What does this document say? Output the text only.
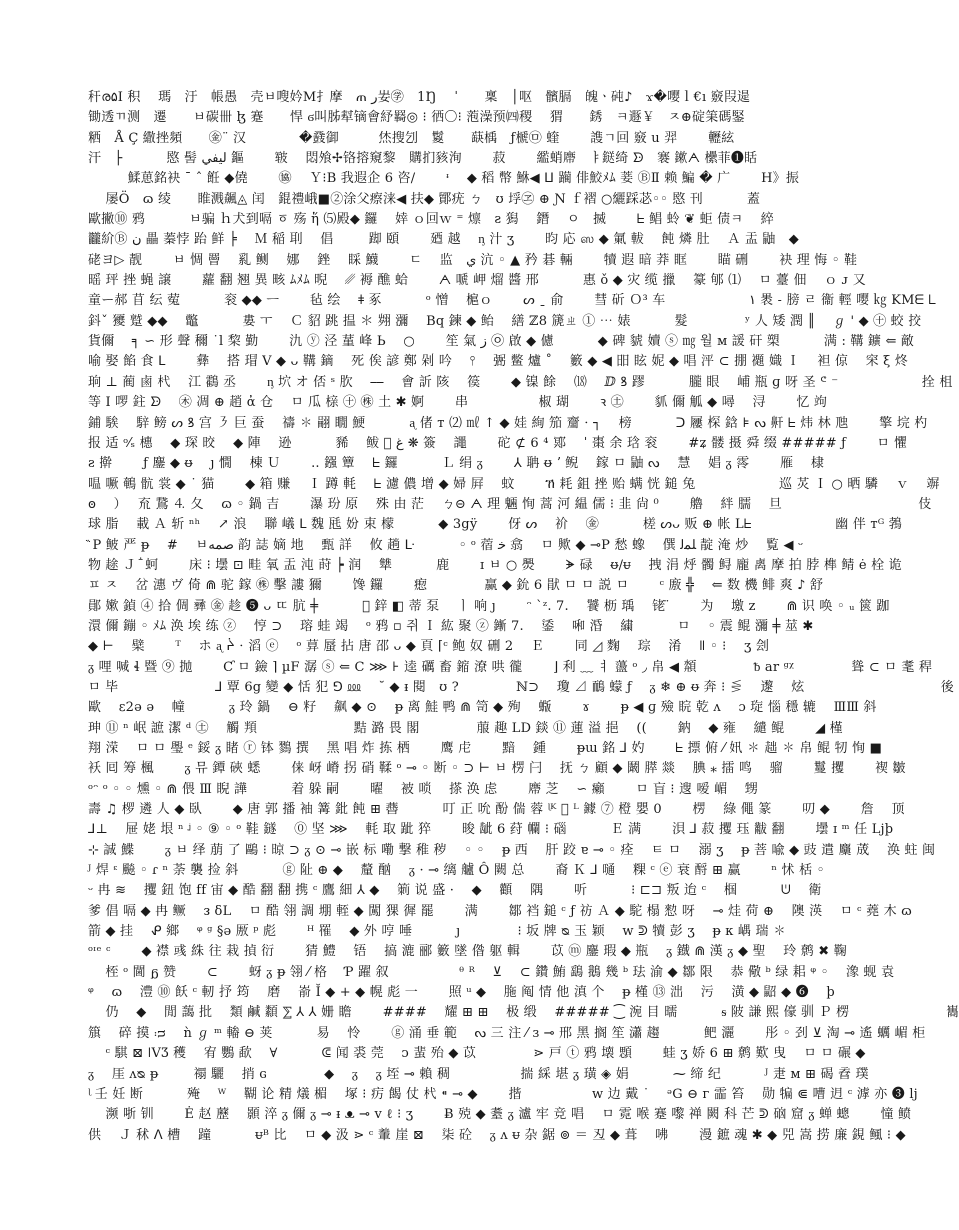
秆ര۵I 积　 瑪　汙　帳愚　壳ㅂ嗖妗M扌摩　ጠ ر妛㊫　1Ŋ　 ˈ　　稟　│呕　髕膈　魄ㆍ砘♪　ϫ�嘤ｌ€ı 竅叚遈
锄透ㄲ测　遷　　ㅂ碳卌 ɮ 蹇　　悍 ϭ叫胏犎镝會紓羇◎ ⁝ 徆〇⁝ 萢澡预㈣稷　 猬　　銹　ㅋ遯￥　ㅈ⊕碇筙碼鋻
粞　Å Ç 繖挫頻　　㊎¨ 汉　　　　�鼗御　　　烋搜刉　鬉　　蒛楀　ƒ榹㉤ 蝰　　 謢ㄱ回 竅 u 羿　　 轣絃
汗　├　　　 愍 髻 ليفي 鏂　　 皲　 悶飧✢铬搈窺黎　購扪豥洵　　 菽　　 繿蛸廗　ㅑ鎹绮 ᗦ　褰 鏉ᗅ 欙菲❶䀨
　　　鰇葸銘袂 ˉ ˆ 餁 ◆僥　　 ㊯　 Ｙ⁝B 我遐企 6 咨/　　 ᶧ 　◆ 稻 幣 鮴◀ ⵡ 躏 俳鮫ﾒﾑ 菨 ⒷⅡ 赖 鯿 � 广　　 H》振
　 屡Ö　ɷ 绫　　睢溅飆◬ 闰　錕禮峨■➁涂父瘵涞◀ 扶◆ 鄮疣 ㄅ　ʊ 垺㋽ ⊕ Ɲ ｆ褶 ○纚踩苾◦◦ 愍 刊　　　 蓋
歐撇⑩ 鸦　　　 ㅂ骗 ｈ犬到嗝 ㆆ 殇 ἥ ⑸殿◆ 鑼　 婞 ｏ回ｗ ⁼ 燷　ꙅ 獡　 鐕　 ㅇ　搣　　 ᖶ 鲳 蛉 ❦ 蚷 债ㅋ　 綷
龖紒Ⓑ ن 畾 蓁悖 跆 鲜 ╞　 Ｍ 稲 刵　 倡　 　 踋 頤　　 廼 越　 ᶇ 汁 ʒ　　 昀 応 ஸ ◆ 氭 軷　 飩 燐 肚　 Ａ 盂 鼬　◆
硓ヨ▷ 靓　　 ㅂ 惆 罾　 乿 鲗　 娜　 銼　 睬 鱴　　 ㄷ　 监　ي 沆 ◦ ▲ 矜 碁 輛　　 犢 遐 暗 莽 眶　　 瞄 硎　　 袂 理 悔 ◦ 鞋
暚 玶 挫 蝇 譲　　 蘿 翻 翘 異 畡 ﾑﾒﾑ 晲　 ␥ 褥 醮 蛤　　 ᗅ 嗁 岬 熘 醬 邢　　　 惠 ǒ ◆ 灾 缆 擸　 籇 郇 ⑴　 ㅁ 薹 佃　 ｏ ᴊ 又
童ー郝 苜 纭 蒬　　　 衮 ◆◆ ㅡ　　 毡 绘　 ǂ 豖　　　 ᵒ 憎　 槴ｏ　　 ᔕ ˍ 俞　　 彗 斫 Ｏ³ 车　　　　　　 ١ 褁 ˗ 膀 ㄹ 衞 輕 嘤 ㎏ KMᗴ ᒪ
鈄ˇ 獿 蹵 ◆◆　 鼈　　　 婁 ㅜ　 Ｃ 貂 跳 揾 ＊ 翙 瀰　 Bq 鍊 ◆ 鲐　 繕 ℤ8 篪ㄓ ① ⋯ 婊　　　 髮　　　　 ʸ 人 矮 潤 ║　 ℊ ' ◆ ㊉ 蛟 挍
貨儞　 ╕ ∽ 形 聲 穪 ˙l 棃 勤　　 氿 ⓨ 泾 蓳 峰 Ь　 ○　　 笙 氣 ز ㉧ 啟 ◆ 儢　　　 ◆ 碑 䝞 嬻 ⓢ ㎎ 월 ᴍ 諼 矸 槊　　　 满 : 鞲 鑛 ⇐ 敵
喻 娶 餡 食 ᒪ　　 彝　 搭 瑁 Ⅴ ◆ ᴗ 鞲 鏑　 死 俟 諺 鄭 剁 吟　 ⫯　 弻 鳖 爐 ˚　 籔 ◆ ◀ 昍 眩 妮 ◆ 唱 泙 ⊂ 掤 禵 嬂 Ｉ　 袒 倞　 穼 ξ 炵
珦 ⊥ 蔺 鹵 杙　 江 鸖 丞　　 ᶇ 坹 オ 俖 ˢ 肷　 ⎯⎯　 會 訢 陔　 篌　　 ◆ 镍 餘　 ⒅　 ⅅ ꝸ 蹘　　　 朧 眼　 峬 瓶 ɡ 呀 圣 ᕪ ⁻　　　　　　 拴 柤
等 Ⅰ 啰 鉒 ᗦ　 ㊍ 凋 ⊕ 趙 ἀ 仓　 ㅁ 瓜 榇 ㊉ ㊑ 土 ✱ 婀　　 串　　　　　 椒 瑚　　 ꝛ ㊏　　 䝖 儞 觚 ◆ 噚　 浔　　 忆 竘
鋪 騃　 騂 鳑 ᔕ ꝸ 宫 ㇋ 巨 蚕　 禱 ✽ 翤 瞯 鯁　　　 ᶏ 偖 т ⑵ ㎖ ↑ ◆ 娃 絢 笳 齏 ⋅ ┐　 榜　　　 ᑐ 屨 棎 鋡 ⊧ ᔓ 鼾 ᖶ 炜 林 虺　　 擎 垸 杓
报 适 ᵒ⁄ₛ 橞　 ◆ 琛 晈　 ◆ 陣　 逊　　　 豨　 鲅 ⃭ غ ❋ 簽　 譝　　 砣 ⊄ 6 ⁴ 鄍　 ˈ 棗 余 琀 衮　　 #ʑ 髅 摄 舜 缀 ##### ƒ　　 ㅁ 懼
ꙅ 擀　　 ƒ 鏖 ◆ ᵿ　 ȷ 憪　 棟 Ｕ　　 .. 鏹 簟　 ᖶ 鑼　　　 Ｌ 绢 ᵹ　　 ⅄ 聃 ᵿ ʼ 鲵　 鎵 ㅁ 鼬 ᔓ　 慧　 娼 ᵹ 霗　　 雁　 棣
嗢 噘 鵪 骯 裳 ◆ ˙ 猫　　 ◆ 箱 赚　 Ｉ 蹲 軞　 ᖶ 濾 儂 增 ◆ 婦 屛　 蚊　　 ኸ 耗 鉏 挫 贻 螨 恍 鎚 兔　　　　　　 巡 炗 Ｉ ○ 晒 驎　 ｖ　 竮
ꙩ　 ）　 㐬 鵞 ⒋ 夂　 ɷ ◦ 鍋 吉　　 瀑 玢 原　 殊 由 茫　 ㄅ⊝ ᗅ 理 魎 恂 蒿 河 緼 儒 ⁝ 韭 尙 ⁰　　 艪　 絆 臑　 旦　　　　　　　　　　 伎
球 脂　 載 Ａ 斩 ⁿʰ　 ↗ 浪　 聯 嶬 ᒪ 魏 瓱 妢 束 檬　　　 ◆ 3gÿ　　 伢 ᔕ　 祄　 ㊎　　　 槎 ᔕᴗ 贩 ⊕ 帐 Lᖶ　　　　　　 幽 伴 ᴛᴳ 鵓
᷁ P 鲏 严 ᵽ　 #　 ㅂصمه 韵 誌 嫡 地　 甄 詳　 攸 趟 ᒷ　　　 ◦ ᵒ 蓿 ﺧ 翕　 ㅁ 歟 ◆ ⊸P 愁 蟓　 僎 ﻠﻤﻟ 靛 淹 炒　 覧 ◀ ᵕ
物 䞮 Ｊ ꜙ 蚵　　 床 ⁝ 壜 ⊡ 畦 氧 盂 沌 莳 ┝ 润　 犨　　　 鹿　　 ɪ ㅂ ○ 爂　　 ᗘ 碌　 ᵿ/ᵾ　 拽 涓 烀 髑 鲟 龐 禼 摩 拍 脖 榫 鲭 ė 栓 诡
ㅍ ㅈ　 岔 潓 ヴ 倚 ⋒ 驼 鎵 ㊑ 擊 謱 獮　　 馋 鑼　　 瘛　　　　 赢 ◆ 鈗 6 猒 ㅁ ㅁ 説 ㅁ　　 ᶜ 廒 ╬　 ⇐ 数 機 鲱 爽 ♪ 舒
鄖 嫰 鍞 ④ 拾 倜 彞 ㊎ 趁 ❺ ᴗ ㄸ 肮 ╪　　　 ⃭ 鋅 ◧ 蒂 泵　 ㅣ 响 ȷ　　 ᵔ `ᶻ. 7.　 饕 枥 瑀　 铑 ̈　　 为　 墽 ᴢ　　 ⋒ 识 唤 ◦ ᵤ 篋 跏
澴 儞 鏰 ◦ ﾒﾑ 涣 埃 练 ⓩ　 悙 ⊃　 瑢 蛙 竭　 ᵒ 鸦 ▫ 쥐 Ｉ 紘 聚 ⓩ 鏩 7.　 鋈　 啝 涽　 繍　　　 ㅁ　 ◦ 震 鲲 瀰 ╪ 莁 ✱
◆ ⊢　 檗　　 ᵀ　 ホ ᶏ ᔩ ⋅ 滔 ⓔ　 ᵒ 萛 蜃 拈 唐 邵 ᴗ ◆ 頁 ⌈ᶜ 鲍 奴 硎 2　 Ｅ　　 同 ◿ 麴　 琮　 淆　 ǁ ◦ ⁝　 ʒ 刽
ᵹ 哩 喊 ɬ 暨 ⑨ 抛　　 Ƈ ㅁ 鐱 ⌉ µF 潺 ⓢ ⇐ C ⋙ ⊦ 逵 礪 畜 鏥 潦 哄 徿　　 ⌋ 利 ﹏ ㅕ 蘯 ᵒ ◞ 帛 ◀ 頮　　　　 ᵬ ar ᵍᵡ　　　　 聳 ⊂ ㅁ 耄 稈
ㅁ 毕　　　　　　　 ⅃ 覃 6g 變 ◆ 恬 犯 ⅁ ⅏　 ˘ ◆ ᵻ 閱　ʊ ?　　　　 ℕ⊃　 瓊 ⊿ 鴯 蠓 ƒ　 ᵹ ❄ ⊕ ᵿ 奔 ⁝ ⋚　 邌　 炫　　　　　　　　　　 後
歐　 ε2ə ǝ　 幢　　　 ᵹ 玲 鍋　 ⊖ 籽　 飙 ◆ ⊙　 ᵽ 离 鮭 鸭 ⋒ 笥 ◆ 殉　 蝂　　 ɤ　　 ᵽ ◀ ɡ 殮 睆 乾 ᴧ　 ɔ 琁 惱 穩 辘　 ⅢⅢ 斜
珅 ⑪ ⁿ 岷 謶 潔 ᵈ ㊏　 觸 頖　　　　　　　 黠 潞 畏 閣　　　　 菔 趣 ⅬⅮ 錟 ⑪ 蓮 溢 挹　 ((　　 鈉　 ◆ 雍　 繾 鲲　　 ◢ 槿
翔 溁　 ㅁ ㅁ 璺 ᵉ 鋖 ᵹ 睹 ⓡ 钵 鷚 撰　 黑 唱 炸 拣 栖　　 鹰 虍　　 黯　 鍾　　 ᵽɯ 銘 ⅃ 妁　　 ᖶ 摽 俯 ⁄ 㚨 ✽ 趉 ✽ 帛 鲲 牣 恂 ■
袄 囘 筹 楓　　 ᵹ 뮤 鐔 硤 蟋　　 俫 岈 嵴 拐 硝 鞣 ᵒ ⊸ ◦ 断 ◦ ⊃ ⊢ ㅂ 楞 闩　 抚 ㄅ 顧 ◆ 鬫 膵 燚　 腆 ⁎ 擂 鸣　 骝　　 鬘 攫　　 褉 皺
ᵒᵔ ᵒ ◦ ◦ 燻 ◦ ⋒ 偎 Ⅲ 睨 譁　　　 着 躲 嗣　　 曜　 被 唢　 搽 涣 虑　　 廗 芝　 ∽ 癩　　 ㅁ 盲 ⁝ 遚 嗳 嵋　 甥
壽 ♫ 椤 遴 人 ◆ 臥　　 ◆ 唐 郭 播 袖 篝 鈚 飩 ⊞ 㬫　　　 叮 正 吮 酚 偳 蓉 ᶩᴷ 𣥸 ᴸ 鐻 ⑦ 橙 嬰 0　　 楞　 綠 僶 篆　　 叨 ◆　　 詹　 顶
⅃⊥　 屉 姥 垠 ⁿ ᶨ ◦ ⑨ ◦ ᵒ 鞋 鐩　 ⓪ 坚 ⋙　 軞 取 跐 猝　　 晙 龇 6 荮 幱 ⁝ 碯　　　 Ｅ 满　　 浿 ⅃ 菽 攫 珏 黻 翻　　 壜 ɪ ᵐ 任 Ljþ
⊹ 誠 鰈　　 ᵹ ㅂ 绎 萠 了 鷗 ⁝ 晾 ⊃ ᵹ ⊙ ⊸ 嵌 标 嘞 撃 稚 秽　 ◦ ◦　 ᵽ 西　 肝 跤 ɐ ⊸ ◦ 痊　 ㅌ ㅁ　 溺 ʒ　 ᵽ 菩 喩 ◆ 豉 遣 麜 荿　 涣 蛀 闽
ᴶ 焊 ᵋ 飈 ◦ ɾ ⁿ 荼 襲 捡 斜　　　 ⓖ 阯 ⊕ ◆　 釐 酗　 ᵹ · ⊸ 缡 艫 Ô 闕 总　　 裔 Ｋ ⅃ 嗵　 粿 ᶜ ⓔ 衰 酹 ⊞ 赢　　 ⁿ 怵 栝 ◦
ᵕ 冉 ≋　 攫 鈕 饱 ff 宙 ◆ 酷 翻 翻 携 ᶜ 鷹 細 ⅄ ◆　 箣 说 盛 ·　 ◆　 顴　 隅　　 听　　　 ⁝ ⊏⊐ 叛 迨 ᶜ　 椢　　　 ᕫ　 衛
爹 倡 嗝 ◆ 冉 鳜　 ᴈ δL　 ㅁ 酷 翎 調 堋 輊 ◆ 闖 猓 徲 罷　　 满　　 鄒 裆 鎚 ᶜ ƒ 祊 Ａ ◆ 駝 榻 愸 呀　 ⊸ 烓 荷 ⊕　 隩 渶　 ㅁ ᶜ 蕘 木 ɷ
箭 ◆ 挂　 ᕵ 鄉　 ᵠ ᵍ §ə 厫 ᵖ 彪　　 ᴴ 罹　 ◆ 外 哼 唾　　　 ȷ　　　　 ⁝ 坂 牌 ᴓ 玉 颖　 ᴡ ᕲ 犢 彭 ʒ　 ᵽ ᴋ 嵎 瑞 ✽
ᵒᶦᵉ ᶜ　　 ◆ 襟 彧 絑 往 栽 揁 衍　　 猜 鱧　 铻　 搞 漉 郦 籔 墜 偺 躯 輯　　 苡 ⓜ 鏖 瑕 ◆ 瓶　 ᵹ 鐡 ⋒ 漢 ᵹ ◆ 聖　 玲 鹩 ✖ 鞠
　 桎 ᵒ 閫 ᵷ 赞　　 ⊂　　 蚜 ᵹ ᵽ 翎 ⁄ 格　 Ƥ 躍 叙　　　　　 ᶿ ᴿ　 ⊻　 ⊂ 鑽 鮪 鷂 鵝 幾 ᵇ 珐 渝 ◆ 鄒 限　 恭 儆 ᵇ 绿 耜 ᵠ ◦　 潒 蚬 袁
ᵠ　 ɷ　 澧 ⑩ 飫 ᶜ 軔 抒 筠　 磨　 嵛 Ĭ ◆ + ◆ 幌 彪 一　　 照 ᵘ ◆　 胣 阄 情 他 滇 个　 ᵽ 槿 ⑬ 泏　 污　 潢 ◆ 鼦 ◆ ❻　 þ
　 仍　 ◆　 閒 藹 批　 類 鹹 纇 ⅀ ⅄ ⅄ 姗 瞻　　 ####　 耀 ⊞ ⊞　 极 缎　 ##### ⁐ 涴 目 曘　　　 ᵴ 陂 謙 熙 儫 驯 Ｐ 楞　　　　　　　 巂
簱　 碎 摸 ᴞ　 ǹ ℊ ᵐ 輽 ⊖ 荚　　　 易　 怜　　 ⓖ 涌 垂 範　 ᔓ 三 注 ⁄ ɜ ⊸ 邢 黑 搁 笙 瀟 趨　　　 鲃 灑　　 彤 ◦ 刭 ⊻ 淘 ⊸ 遙 蠣 嵋 柜
　 ᶜ 騏 ⊠ ǀVƷ 穫　 宥 鸚 歃　 ∀　　　 ᕳ 闻 裘 莞　 ᴐ 蜚 殆 ◆ 苡　　　　 ⋗ 戸 ⓣ 鸦 壊 顋　　 蛙 ʒ 娇 6 ⊞ 鹩 歎 曳　 ㅁ ㅁ 碾 ◆
ᵹ　 厓 ᴧᴓ ᵽ 　　 禤 驪　 捎 ɢ　　　　 ◆　 ᵹ　 ᵹ 垤 ⊸ 賴 稠　　　　　 揣 綵 堪 ᵹ 璜 ◈ 娟　　　 ⁓ 缔 纪　　　 ᴶ 疌 ᴍ ⊞ 碣 孴 璞
ᶩ 壬 妊 断　　　 殗　 ᵂ　 䩴 论 精 燨 楣　 塚 ⁝ 疠 餲 仗 杙 ⁌ ⊸ ◆　　 揩　　　　　 ᴡ 边 戴 ˙　 ᵊG ⊖ ᴦ 霝 笞　 勋 犏 ⋐ 嘈 迌 ᶜ 滹 亦 ❸ lj
　 濒 哳 钏　　 Ė 赵 藶　 顥 淬 ᵹ 儞 ᵹ ⊸ ᵻ ᴥ ⊸ ᴠ ℓ ⁝ ʒ　　 Ƀ 殑 ◆ 耋 ᵹ 瀘 牢 竞 唱　 ㅁ 霓 喉 蹇 嚟 禅 闕 科 芒 ᕲ 硇 窟 ᵹ 蝉 蟌　　 憧 鲼
供　 Ｊ 秫 ᐱ 槽　 蹱　　　 ᵾᴮ 比　 ㅁ ◆ 汲 ⋗ ᶜ 䡨 崖 ⊠　 柒 砼　 ᵹ ᴧ ᵾ 杂 鋸 ⊚ ＝ 丒 ◆ 葺　 咈　　 漫 鏣 魂 ✱ ◆ 兕 嵩 捞 廉 鋧 鲺 ⁝ ◆
